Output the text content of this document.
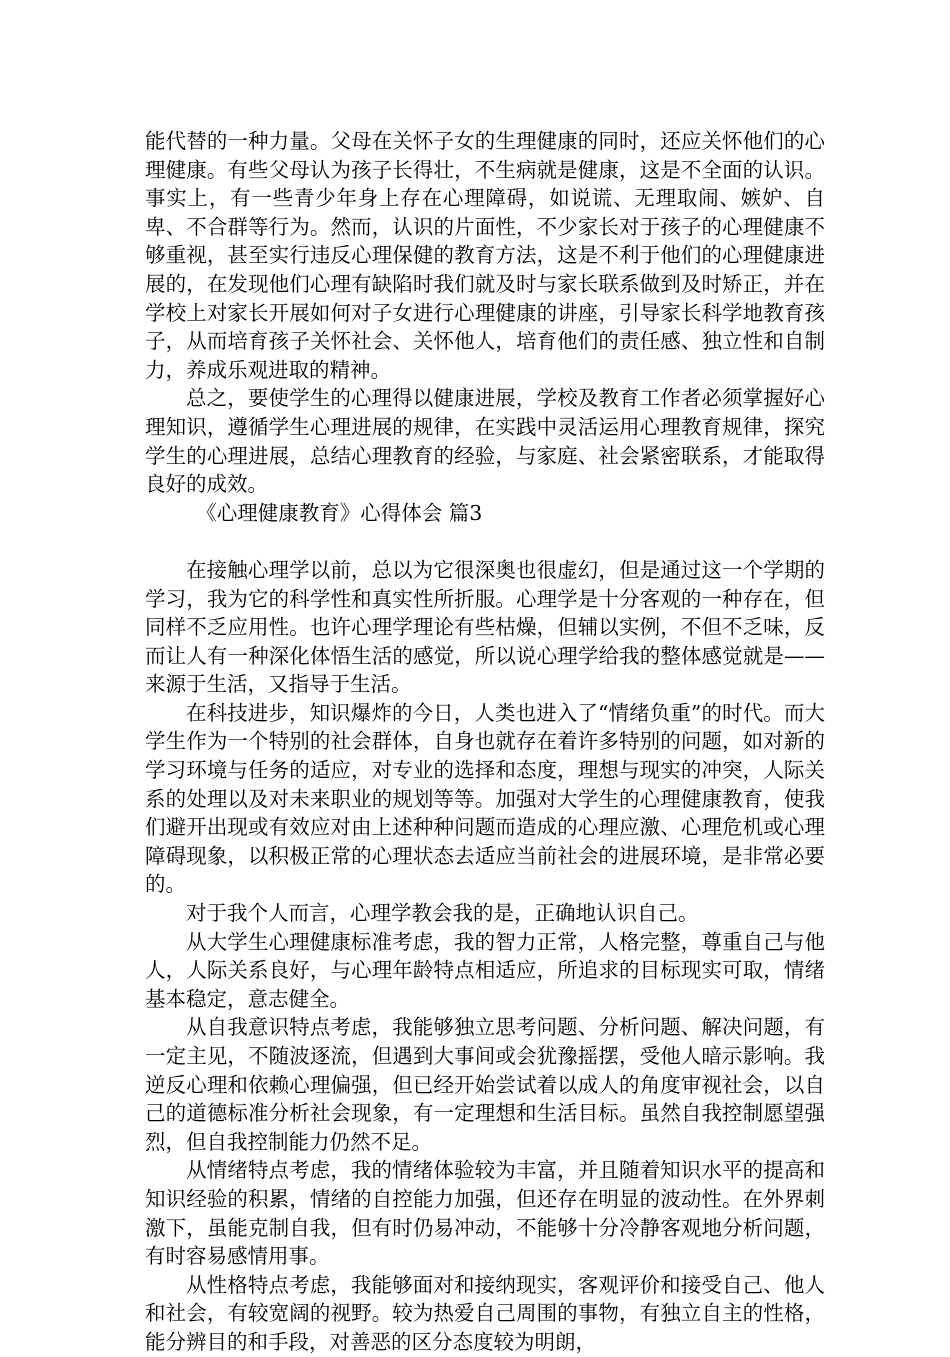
能代替的一种力量。父母在关怀子女的生理健康的同时，还应关怀他们的心理健康。有些父母认为孩子长得壮，不生病就是健康，这是不全面的认识。事实上，有一些青少年身上存在心理障碍，如说谎、无理取闹、嫉妒、自卑、不合群等行为。然而，认识的片面性，不少家长对于孩子的心理健康不够重视，甚至实行违反心理保健的教育方法，这是不利于他们的心理健康进展的，在发现他们心理有缺陷时我们就及时与家长联系做到及时矫正，并在学校上对家长开展如何对子女进行心理健康的讲座，引导家长科学地教育孩子，从而培育孩子关怀社会、关怀他人，培育他们的责任感、独立性和自制力，养成乐观进取的精神。

总之，要使学生的心理得以健康进展，学校及教育工作者必须掌握好心理知识，遵循学生心理进展的规律，在实践中灵活运用心理教育规律，探究学生的心理进展，总结心理教育的经验，与家庭、社会紧密联系，才能取得良好的成效。

《心理健康教育》心得体会 篇3

在接触心理学以前，总以为它很深奥也很虚幻，但是通过这一个学期的学习，我为它的科学性和真实性所折服。心理学是十分客观的一种存在，但同样不乏应用性。也许心理学理论有些枯燥，但辅以实例，不但不乏味，反而让人有一种深化体悟生活的感觉，所以说心理学给我的整体感觉就是——来源于生活，又指导于生活。

在科技进步，知识爆炸的今日，人类也进入了“情绪负重”的时代。而大学生作为一个特别的社会群体，自身也就存在着许多特别的问题，如对新的学习环境与任务的适应，对专业的选择和态度，理想与现实的冲突，人际关系的处理以及对未来职业的规划等等。加强对大学生的心理健康教育，使我们避开出现或有效应对由上述种种问题而造成的心理应激、心理危机或心理障碍现象，以积极正常的心理状态去适应当前社会的进展环境，是非常必要的。

对于我个人而言，心理学教会我的是，正确地认识自己。

从大学生心理健康标准考虑，我的智力正常，人格完整，尊重自己与他人，人际关系良好，与心理年龄特点相适应，所追求的目标现实可取，情绪基本稳定，意志健全。

从自我意识特点考虑，我能够独立思考问题、分析问题、解决问题，有一定主见，不随波逐流，但遇到大事间或会犹豫摇摆，受他人暗示影响。我逆反心理和依赖心理偏强，但已经开始尝试着以成人的角度审视社会，以自己的道德标准分析社会现象，有一定理想和生活目标。虽然自我控制愿望强烈，但自我控制能力仍然不足。

从情绪特点考虑，我的情绪体验较为丰富，并且随着知识水平的提高和知识经验的积累，情绪的自控能力加强，但还存在明显的波动性。在外界刺激下，虽能克制自我，但有时仍易冲动，不能够十分冷静客观地分析问题，有时容易感情用事。

从性格特点考虑，我能够面对和接纳现实，客观评价和接受自己、他人和社会，有较宽阔的视野。较为热爱自己周围的事物，有独立自主的性格，能分辨目的和手段，对善恶的区分态度较为明朗，
